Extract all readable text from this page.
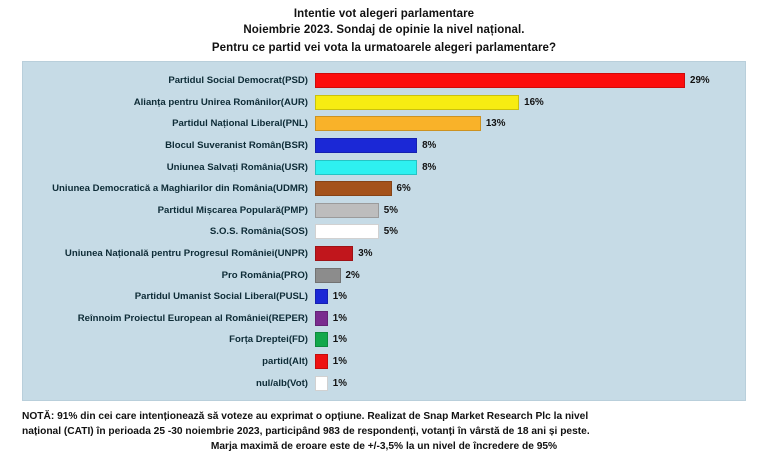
Intentie vot alegeri parlamentare
Noiembrie 2023. Sondaj de opinie la nivel național.
Pentru ce partid vei vota la urmatoarele alegeri parlamentare?
Partidul Social Democrat(PSD)	29%
Alianța pentru Unirea Românilor(AUR)	16%
Partidul Național Liberal(PNL)	13%
Blocul Suveranist Român(BSR)	8%
Uniunea Salvați România(USR)	8%
Uniunea Democratică a Maghiarilor din România(UDMR)	6%
Partidul Mișcarea Populară(PMP)	5%
S.O.S. România(SOS)	5%
Uniunea Națională pentru Progresul României(UNPR)	3%
Pro România(PRO)	2%
Partidul Umanist Social Liberal(PUSL)	1%
Reînnoim Proiectul European al României(REPER)	1%
Forța Dreptei(FD)	1%
partid(Alt)	1%
nul/alb(Vot)	1%
NOTĂ: 91% din cei care intenționează să voteze au exprimat o opțiune. Realizat de Snap Market Research Plc la nivel
național (CATI) în perioada 25 -30 noiembrie 2023, participând 983 de respondenți, votanți în vârstă de 18 ani și peste.
Marja maximă de eroare este de +/-3,5% la un nivel de încredere de 95%
